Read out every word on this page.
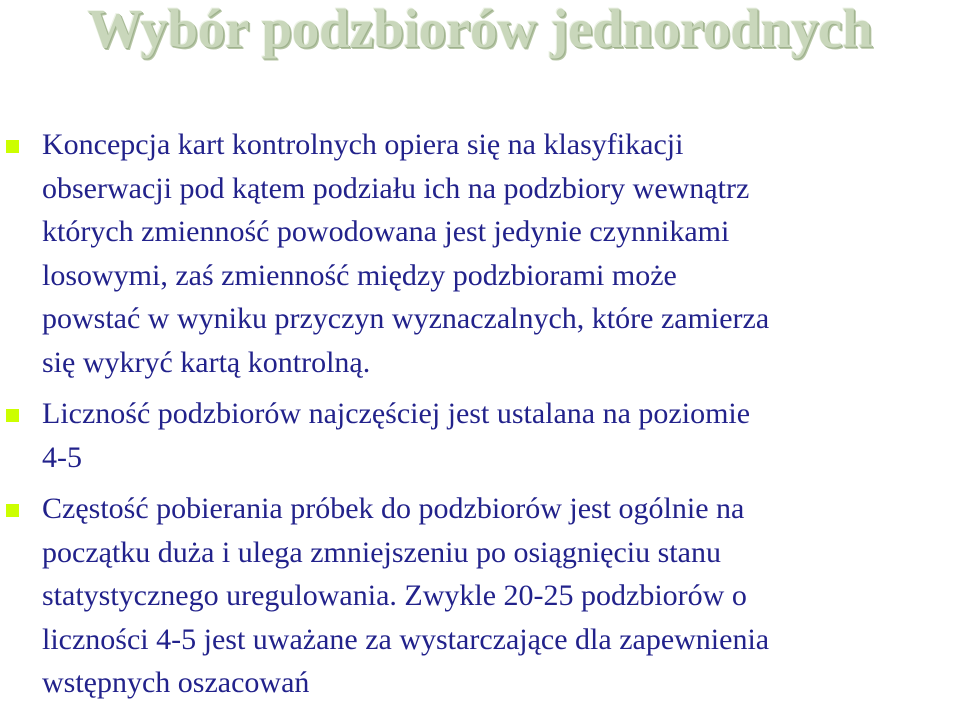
Wybór podzbiorów jednorodnych
Koncepcja kart kontrolnych opiera się na klasyfikacji
obserwacji pod kątem podziału ich na podzbiory wewnątrz
których zmienność powodowana jest jedynie czynnikami
losowymi, zaś zmienność między podzbiorami może
powstać w wyniku przyczyn wyznaczalnych, które zamierza
się wykryć kartą kontrolną.
Liczność podzbiorów najczęściej jest ustalana na poziomie
4-5
Częstość pobierania próbek do podzbiorów jest ogólnie na
początku duża i ulega zmniejszeniu po osiągnięciu stanu
statystycznego uregulowania. Zwykle 20-25 podzbiorów o
liczności 4-5 jest uważane za wystarczające dla zapewnienia
wstępnych oszacowań
